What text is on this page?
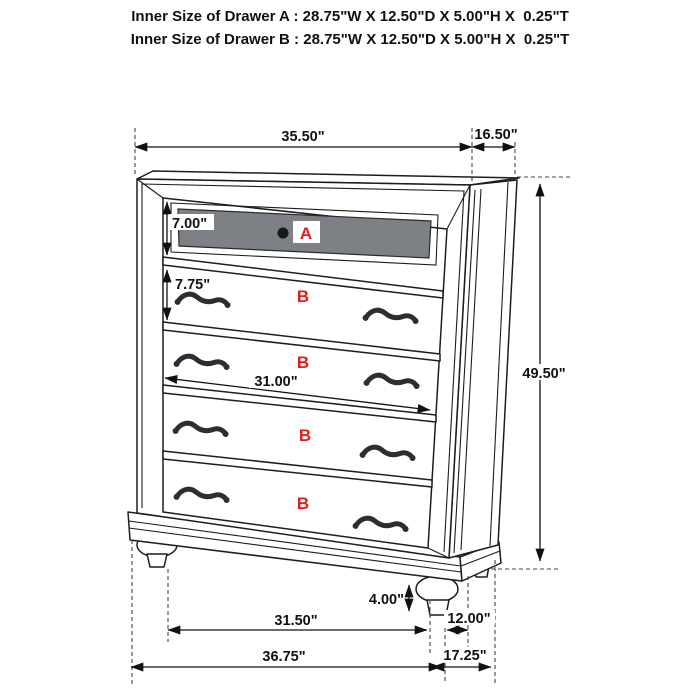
Inner Size of Drawer A : 28.75"W X 12.50"D X 5.00"H X  0.25"T
Inner Size of Drawer B : 28.75"W X 12.50"D X 5.00"H X  0.25"T
A
B
B
B
B
35.50"	16.50"
49.50"
7.00"
7.75"
31.00"
4.00"
31.50"	12.00"
36.75"	17.25"
